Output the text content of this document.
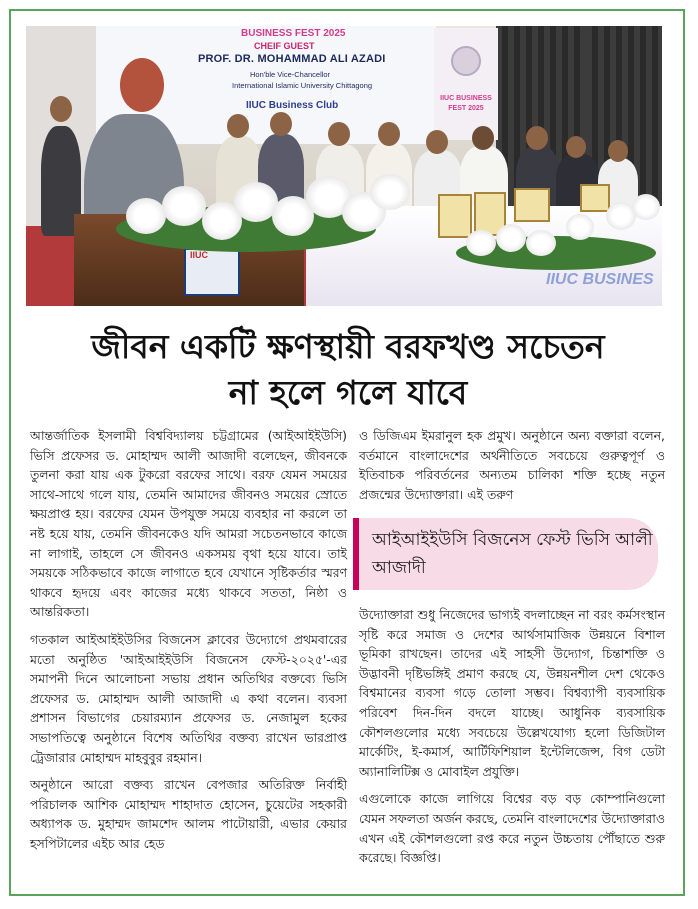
BUSINESS FEST 2025
CHEIF GUEST
PROF. DR. MOHAMMAD ALI AZADI
Hon'ble Vice-Chancellor
International Islamic University Chittagong
IIUC Business Club
IIUC BUSINESS FEST 2025
IIUC
IIUC BUSINES
জীবন একটি ক্ষণস্থায়ী বরফখণ্ড সচেতন
না হলে গলে যাবে

আন্তর্জাতিক ইসলামী বিশ্ববিদ্যালয় চট্টগ্রামের (আইআইইউসি) ভিসি প্রফেসর ড. মোহাম্মদ আলী আজাদী বলেছেন, জীবনকে তুলনা করা যায় এক টুকরো বরফের সাথে। বরফ যেমন সময়ের সাথে-সাথে গলে যায়, তেমনি আমাদের জীবনও সময়ের স্রোতে ক্ষয়প্রাপ্ত হয়। বরফের যেমন উপযুক্ত সময়ে ব্যবহার না করলে তা নষ্ট হয়ে যায়, তেমনি জীবনকেও যদি আমরা সচেতনভাবে কাজে না লাগাই, তাহলে সে জীবনও একসময় বৃথা হয়ে যাবে। তাই সময়কে সঠিকভাবে কাজে লাগাতে হবে যেখানে সৃষ্টিকর্তার স্মরণ থাকবে হৃদয়ে এবং কাজের মধ্যে থাকবে সততা, নিষ্ঠা ও আন্তরিকতা।

গতকাল আইআইইউসির বিজনেস ক্লাবের উদ্যোগে প্রথমবারের মতো অনুষ্ঠিত 'আইআইইউসি বিজনেস ফেস্ট-২০২৫'-এর সমাপনী দিনে আলোচনা সভায় প্রধান অতিথির বক্তব্যে ভিসি প্রফেসর ড. মোহাম্মদ আলী আজাদী এ কথা বলেন। ব্যবসা প্রশাসন বিভাগের চেয়ারম্যান প্রফেসর ড. নেজামুল হকের সভাপতিত্বে অনুষ্ঠানে বিশেষ অতিথির বক্তব্য রাখেন ভারপ্রাপ্ত ট্রেজারার মোহাম্মদ মাহবুবুর রহমান।

অনুষ্ঠানে আরো বক্তব্য রাখেন বেপজার অতিরিক্ত নির্বাহী পরিচালক আশিক মোহাম্মদ শাহাদাত হোসেন, চুয়েটের সহকারী অধ্যাপক ড. মুহাম্মদ জামশেদ আলম পাটোয়ারী, এভার কেয়ার হসপিটালের এইচ আর হেড

ও ডিজিএম ইমরানুল হক প্রমুখ। অনুষ্ঠানে অন্য বক্তারা বলেন, বর্তমানে বাংলাদেশের অর্থনীতিতে সবচেয়ে গুরুত্বপূর্ণ ও ইতিবাচক পরিবর্তনের অন্যতম চালিকা শক্তি হচ্ছে নতুন প্রজন্মের উদ্যোক্তারা। এই তরুণ

আইআইইউসি বিজনেস ফেস্ট ভিসি আলী আজাদী

উদ্যোক্তারা শুধু নিজেদের ভাগ্যই বদলাচ্ছেন না বরং কর্মসংস্থান সৃষ্টি করে সমাজ ও দেশের আর্থসামাজিক উন্নয়নে বিশাল ভূমিকা রাখছেন। তাদের এই সাহসী উদ্যোগ, চিন্তাশক্তি ও উদ্ভাবনী দৃষ্টিভঙ্গিই প্রমাণ করছে যে, উন্নয়নশীল দেশ থেকেও বিশ্বমানের ব্যবসা গড়ে তোলা সম্ভব। বিশ্বব্যাপী ব্যবসায়িক পরিবেশ দিন-দিন বদলে যাচ্ছে। আধুনিক ব্যবসায়িক কৌশলগুলোর মধ্যে সবচেয়ে উল্লেখযোগ্য হলো ডিজিটাল মার্কেটিং, ই-কমার্স, আর্টিফিশিয়াল ইন্টেলিজেন্স, বিগ ডেটা অ্যানালিটিক্স ও মোবাইল প্রযুক্তি।

এগুলোকে কাজে লাগিয়ে বিশ্বের বড় বড় কোম্পানিগুলো যেমন সফলতা অর্জন করছে, তেমনি বাংলাদেশের উদ্যোক্তারাও এখন এই কৌশলগুলো রপ্ত করে নতুন উচ্চতায় পৌঁছাতে শুরু করেছে। বিজ্ঞপ্তি।
